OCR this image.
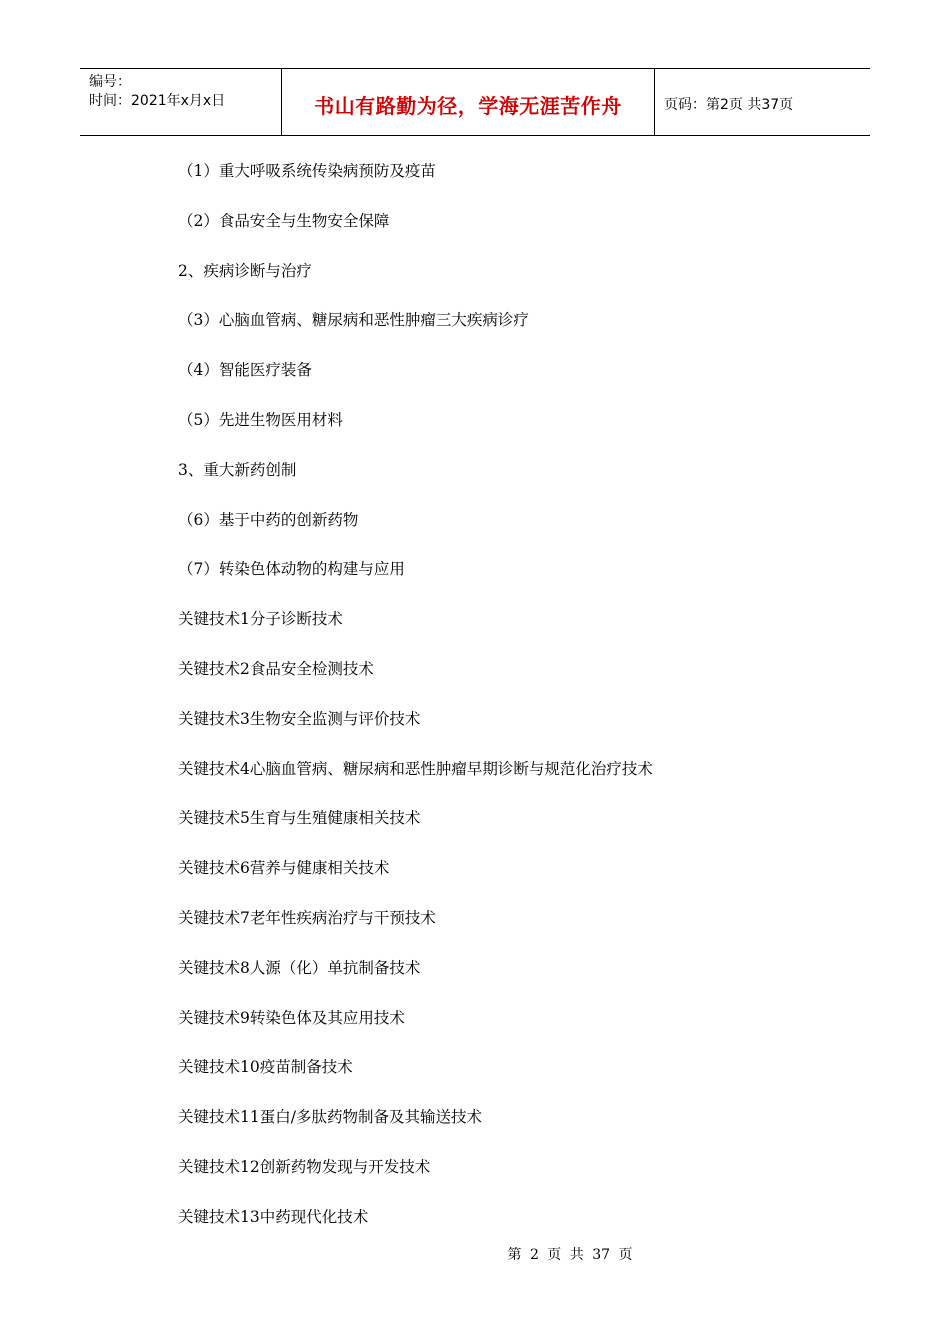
编号：
时间：2021年x月x日	书山有路勤为径，学海无涯苦作舟	页码：第2页 共37页
（1）重大呼吸系统传染病预防及疫苗
（2）食品安全与生物安全保障
2、疾病诊断与治疗
（3）心脑血管病、糖尿病和恶性肿瘤三大疾病诊疗
（4）智能医疗装备
（5）先进生物医用材料
3、重大新药创制
（6）基于中药的创新药物
（7）转染色体动物的构建与应用
关键技术1分子诊断技术
关键技术2食品安全检测技术
关键技术3生物安全监测与评价技术
关键技术4心脑血管病、糖尿病和恶性肿瘤早期诊断与规范化治疗技术
关键技术5生育与生殖健康相关技术
关键技术6营养与健康相关技术
关键技术7老年性疾病治疗与干预技术
关键技术8人源（化）单抗制备技术
关键技术9转染色体及其应用技术
关键技术10疫苗制备技术
关键技术11蛋白/多肽药物制备及其输送技术
关键技术12创新药物发现与开发技术
关键技术13中药现代化技术
第 2 页 共 37 页
